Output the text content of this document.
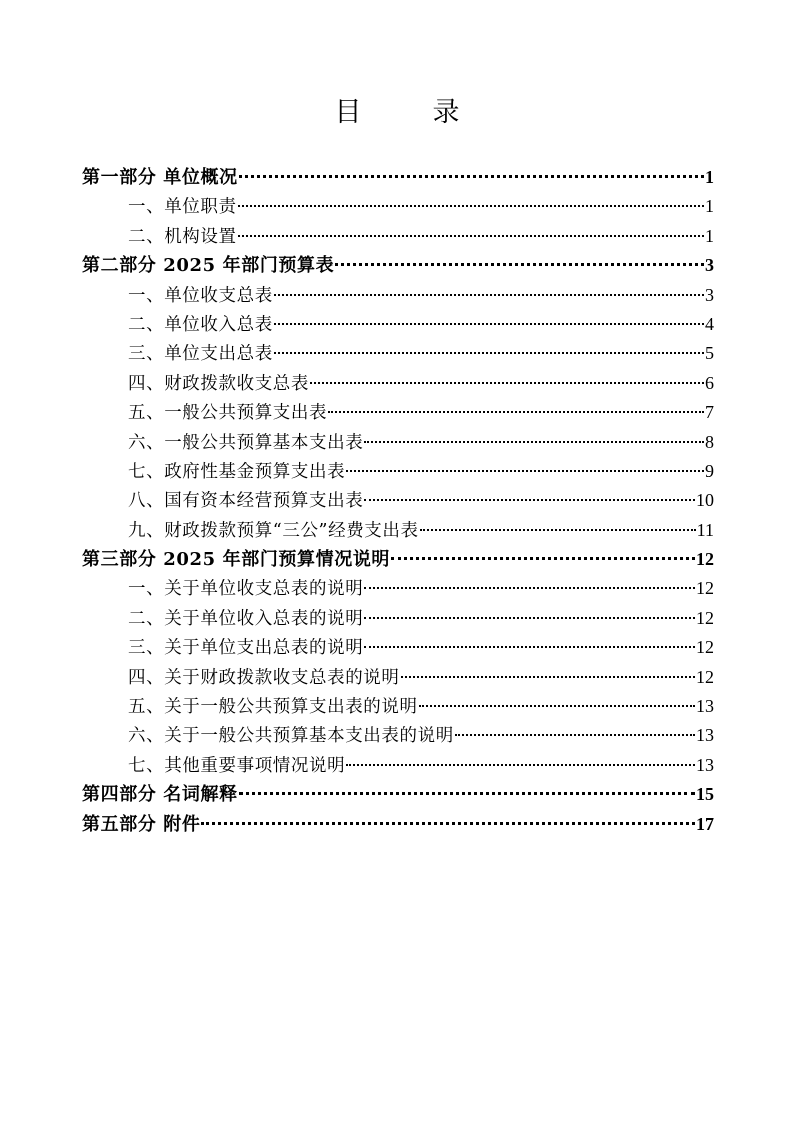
目　录
第一部分 单位概况	1
一、单位职责	1
二、机构设置	1
第二部分 2025 年部门预算表	3
一、单位收支总表	3
二、单位收入总表	4
三、单位支出总表	5
四、财政拨款收支总表	6
五、一般公共预算支出表	7
六、一般公共预算基本支出表	8
七、政府性基金预算支出表	9
八、国有资本经营预算支出表	10
九、财政拨款预算“三公”经费支出表	11
第三部分 2025 年部门预算情况说明	12
一、关于单位收支总表的说明	12
二、关于单位收入总表的说明	12
三、关于单位支出总表的说明	12
四、关于财政拨款收支总表的说明	12
五、关于一般公共预算支出表的说明	13
六、关于一般公共预算基本支出表的说明	13
七、其他重要事项情况说明	13
第四部分 名词解释	15
第五部分 附件	17
